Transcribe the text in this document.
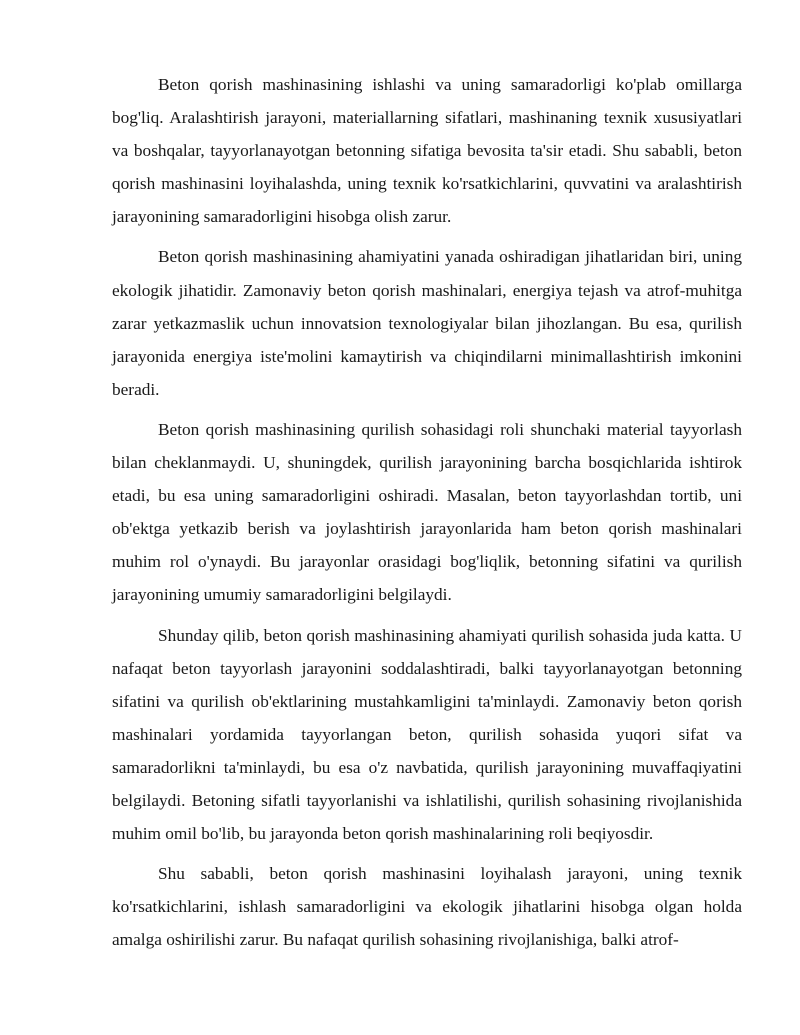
Beton qorish mashinasining ishlashi va uning samaradorligi ko'plab omillarga bog'liq. Aralashtirish jarayoni, materiallarning sifatlari, mashinaning texnik xususiyatlari va boshqalar, tayyorlanayotgan betonning sifatiga bevosita ta'sir etadi. Shu sababli, beton qorish mashinasini loyihalashda, uning texnik ko'rsatkichlarini, quvvatini va aralashtirish jarayonining samaradorligini hisobga olish zarur.

Beton qorish mashinasining ahamiyatini yanada oshiradigan jihatlaridan biri, uning ekologik jihatidir. Zamonaviy beton qorish mashinalari, energiya tejash va atrof-muhitga zarar yetkazmaslik uchun innovatsion texnologiyalar bilan jihozlangan. Bu esa, qurilish jarayonida energiya iste'molini kamaytirish va chiqindilarni minimallashtirish imkonini beradi.

Beton qorish mashinasining qurilish sohasidagi roli shunchaki material tayyorlash bilan cheklanmaydi. U, shuningdek, qurilish jarayonining barcha bosqichlarida ishtirok etadi, bu esa uning samaradorligini oshiradi. Masalan, beton tayyorlashdan tortib, uni ob'ektga yetkazib berish va joylashtirish jarayonlarida ham beton qorish mashinalari muhim rol o'ynaydi. Bu jarayonlar orasidagi bog'liqlik, betonning sifatini va qurilish jarayonining umumiy samaradorligini belgilaydi.

Shunday qilib, beton qorish mashinasining ahamiyati qurilish sohasida juda katta. U nafaqat beton tayyorlash jarayonini soddalashtiradi, balki tayyorlanayotgan betonning sifatini va qurilish ob'ektlarining mustahkamligini ta'minlaydi. Zamonaviy beton qorish mashinalari yordamida tayyorlangan beton, qurilish sohasida yuqori sifat va samaradorlikni ta'minlaydi, bu esa o'z navbatida, qurilish jarayonining muvaffaqiyatini belgilaydi. Betoning sifatli tayyorlanishi va ishlatilishi, qurilish sohasining rivojlanishida muhim omil bo'lib, bu jarayonda beton qorish mashinalarining roli beqiyosdir.

Shu sababli, beton qorish mashinasini loyihalash jarayoni, uning texnik ko'rsatkichlarini, ishlash samaradorligini va ekologik jihatlarini hisobga olgan holda amalga oshirilishi zarur. Bu nafaqat qurilish sohasining rivojlanishiga, balki atrof-
